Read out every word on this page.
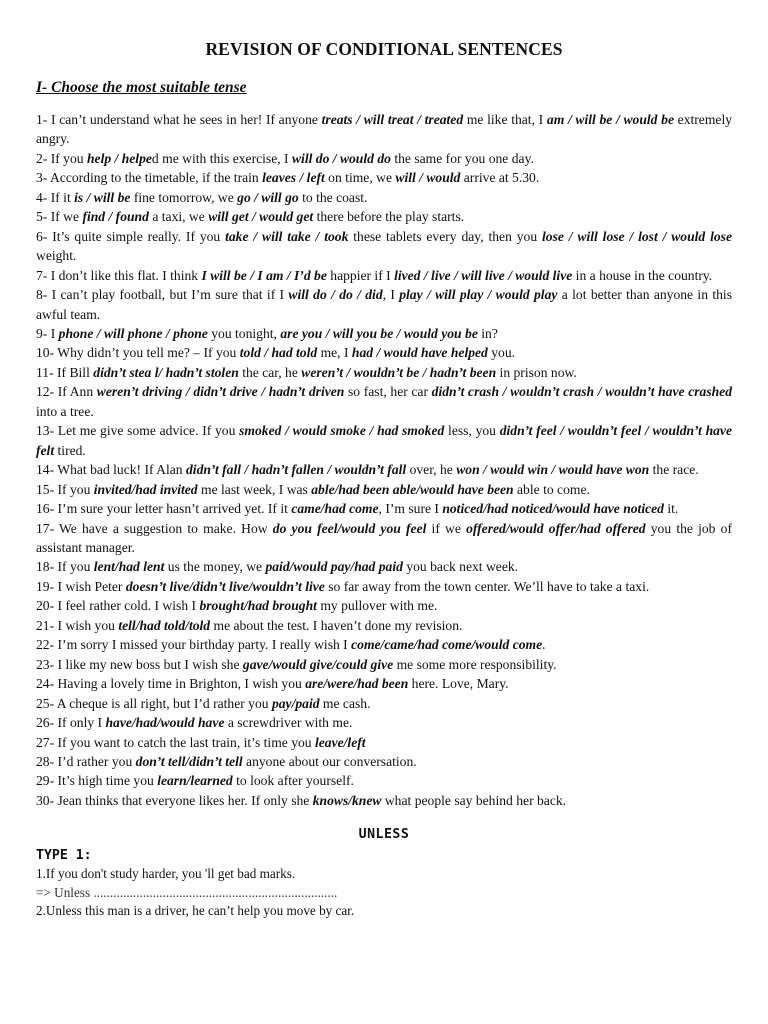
REVISION OF CONDITIONAL SENTENCES
I- Choose the most suitable tense

1- I can’t understand what he sees in her! If anyone treats / will treat / treated me like that, I am / will be / would be extremely angry.

2- If you help / helped me with this exercise, I will do / would do the same for you one day.

3- According to the timetable, if the train leaves / left on time, we will / would arrive at 5.30.

4- If it is / will be fine tomorrow, we go / will go to the coast.

5- If we find / found a taxi, we will get / would get there before the play starts.

6- It’s quite simple really. If you take / will take / took these tablets every day, then you lose / will lose / lost / would lose weight.

7- I don’t like this flat. I think I will be / I am / I’d be happier if I lived / live / will live / would live in a house in the country.

8- I can’t play football, but I’m sure that if I will do / do / did, I play / will play / would play a lot better than anyone in this awful team.

9- I phone / will phone / phone you tonight, are you / will you be / would you be in?

10- Why didn’t you tell me? – If you told / had told me, I had / would have helped you.

11- If Bill didn’t stea l/ hadn’t stolen the car, he weren’t / wouldn’t be / hadn’t been in prison now.

12- If Ann weren’t driving / didn’t drive / hadn’t driven so fast, her car didn’t crash / wouldn’t crash / wouldn’t have crashed into a tree.

13- Let me give some advice. If you smoked / would smoke / had smoked less, you didn’t feel / wouldn’t feel / wouldn’t have felt tired.

14- What bad luck! If Alan didn’t fall / hadn’t fallen / wouldn’t fall over, he won / would win / would have won the race.

15- If you invited/had invited me last week, I was able/had been able/would have been able to come.

16- I’m sure your letter hasn’t arrived yet. If it came/had come, I’m sure I noticed/had noticed/would have noticed it.

17- We have a suggestion to make. How do you feel/would you feel if we offered/would offer/had offered you the job of assistant manager.

18- If you lent/had lent us the money, we paid/would pay/had paid you back next week.

19- I wish Peter doesn’t live/didn’t live/wouldn’t live so far away from the town center. We’ll have to take a taxi.

20- I feel rather cold. I wish I brought/had brought my pullover with me.

21- I wish you tell/had told/told me about the test. I haven’t done my revision.

22- I’m sorry I missed your birthday party. I really wish I come/came/had come/would come.

23- I like my new boss but I wish she gave/would give/could give me some more responsibility.

24- Having a lovely time in Brighton, I wish you are/were/had been here. Love, Mary.

25- A cheque is all right, but I’d rather you pay/paid me cash.

26- If only I have/had/would have a screwdriver with me.

27- If you want to catch the last train, it’s time you leave/left

28- I’d rather you don’t tell/didn’t tell anyone about our conversation.

29- It’s high time you learn/learned to look after yourself.

30- Jean thinks that everyone likes her. If only she knows/knew what people say behind her back.

UNLESS
TYPE 1:

1.If you don't study harder, you 'll get bad marks.

=> Unless ..........................................................................

2.Unless this man is a driver, he can’t help you move by car.
